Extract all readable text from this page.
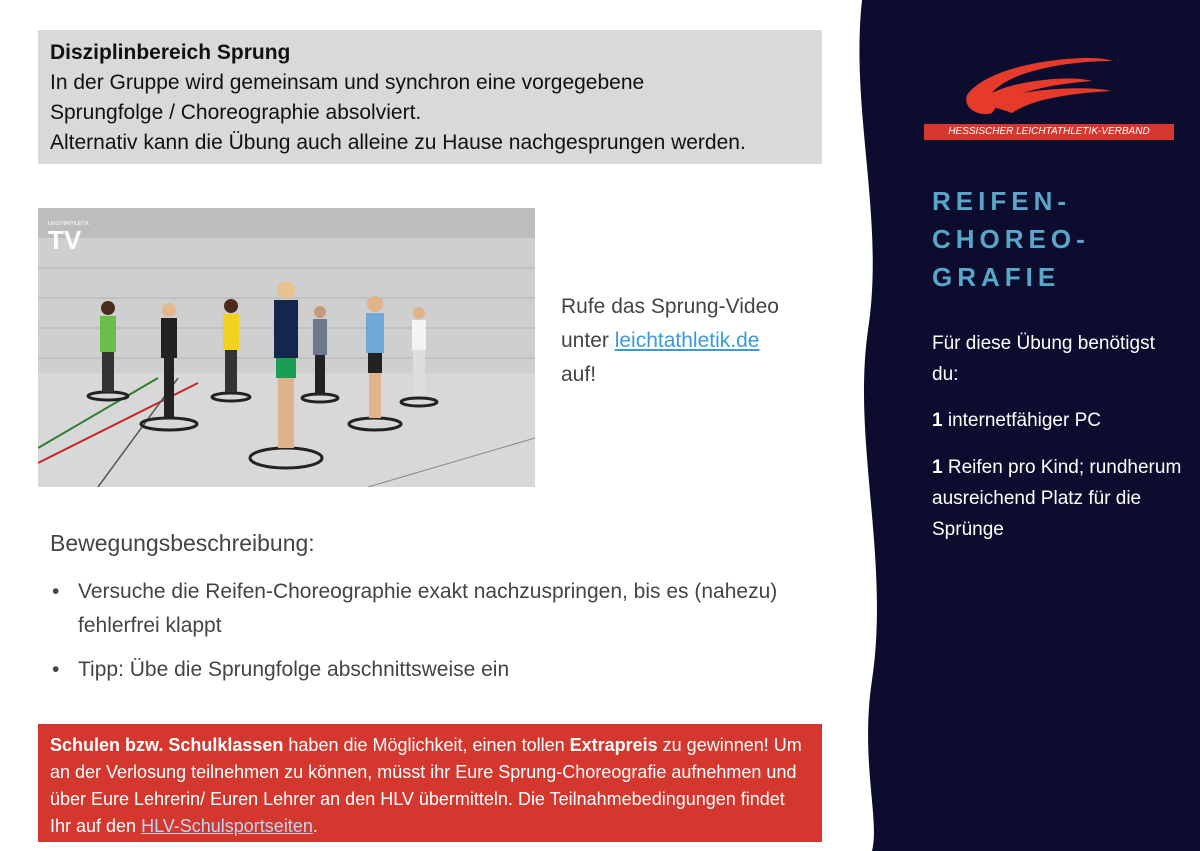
Disziplinbereich Sprung
In der Gruppe wird gemeinsam und synchron eine vorgegebene
Sprungfolge / Choreographie absolviert.
Alternativ kann die Übung auch alleine zu Hause nachgesprungen werden.
LEICHTATHLETIK
TV
Rufe das Sprung-Video
unter leichtathletik.de
auf!
Bewegungsbeschreibung:
• Versuche die Reifen-Choreographie exakt nachzuspringen, bis es (nahezu) fehlerfrei klappt
• Tipp: Übe die Sprungfolge abschnittsweise ein
Schulen bzw. Schulklassen haben die Möglichkeit, einen tollen Extrapreis zu gewinnen! Um an der Verlosung teilnehmen zu können, müsst ihr Eure Sprung-Choreografie aufnehmen und über Eure Lehrerin/ Euren Lehrer an den HLV übermitteln. Die Teilnahmebedingungen findet Ihr auf den HLV-Schulsportseiten.
HESSISCHER LEICHTATHLETIK-VERBAND
REIFEN-
CHOREO-
GRAFIE
Für diese Übung benötigst du:
1 internetfähiger PC
1 Reifen pro Kind; rundherum ausreichend Platz für die Sprünge
